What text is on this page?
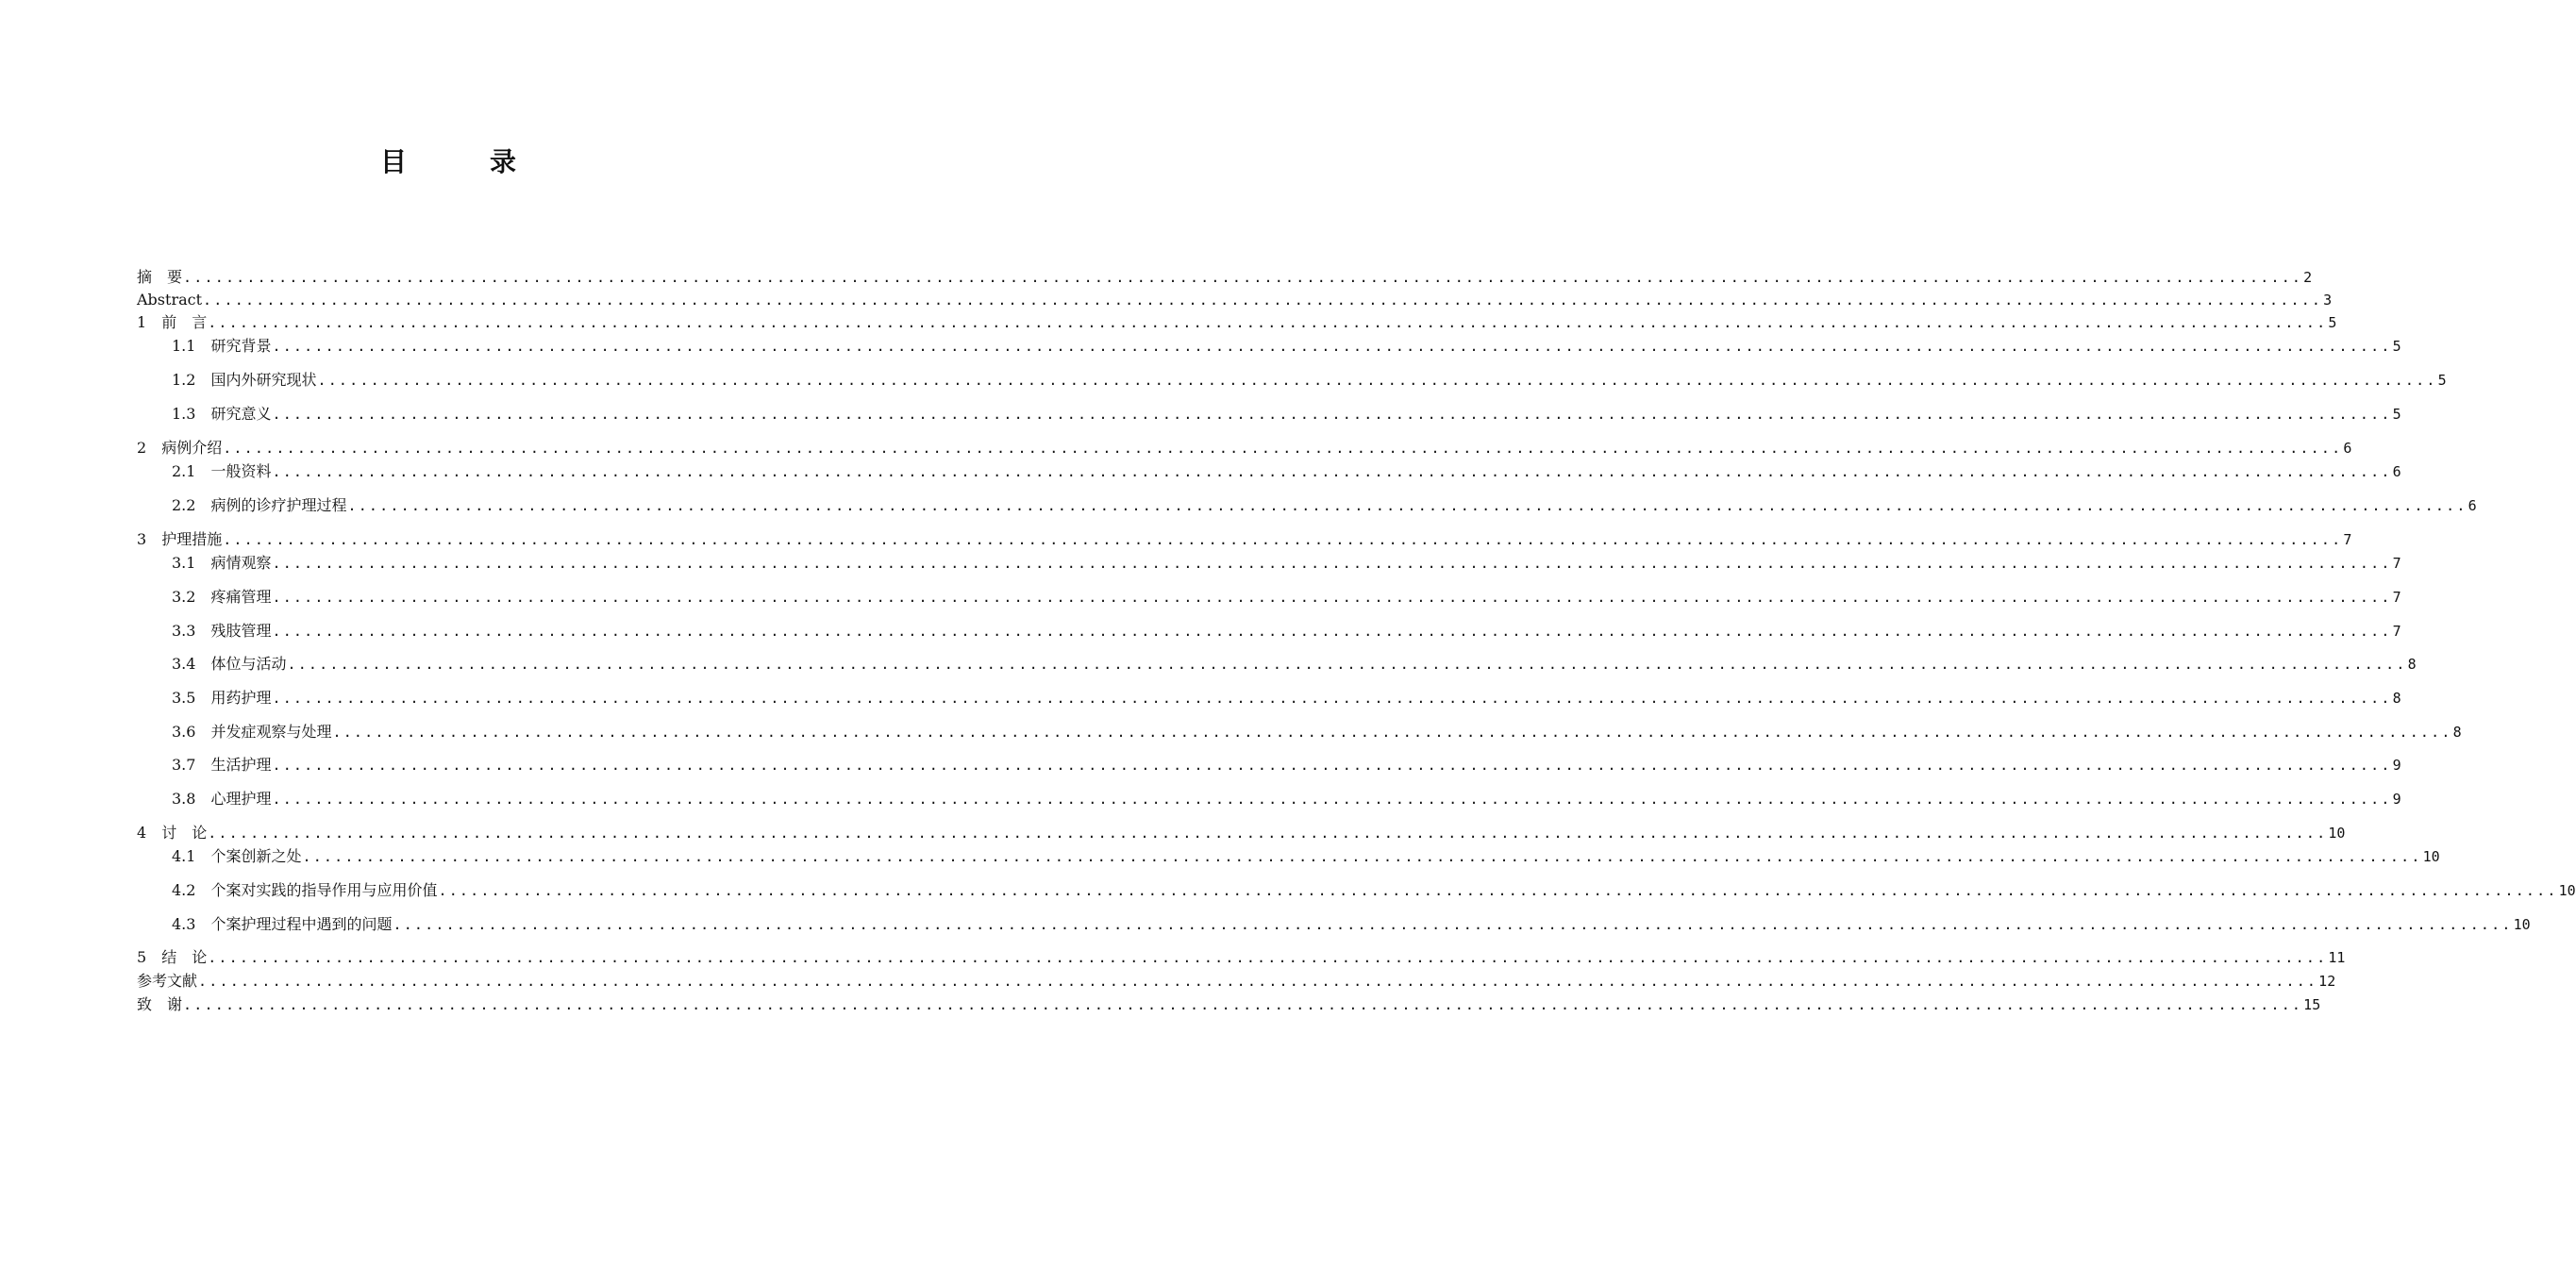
目　录
摘　要 ........................................................................................................................................................................................................ 2
Abstract ........................................................................................................................................................................................................ 3
1　 前　言 ........................................................................................................................................................................................................ 5
1.1　 研究背景 ........................................................................................................................................................................................................ 5
1.2　 国内外研究现状 ........................................................................................................................................................................................................ 5
1.3　 研究意义 ........................................................................................................................................................................................................ 5
2　 病例介绍 ........................................................................................................................................................................................................ 6
2.1　 一般资料 ........................................................................................................................................................................................................ 6
2.2　 病例的诊疗护理过程 ........................................................................................................................................................................................................ 6
3　 护理措施 ........................................................................................................................................................................................................ 7
3.1　 病情观察 ........................................................................................................................................................................................................ 7
3.2　 疼痛管理 ........................................................................................................................................................................................................ 7
3.3　 残肢管理 ........................................................................................................................................................................................................ 7
3.4　 体位与活动 ........................................................................................................................................................................................................ 8
3.5　 用药护理 ........................................................................................................................................................................................................ 8
3.6　 并发症观察与处理 ........................................................................................................................................................................................................ 8
3.7　 生活护理 ........................................................................................................................................................................................................ 9
3.8　 心理护理 ........................................................................................................................................................................................................ 9
4　 讨　论 ........................................................................................................................................................................................................ 10
4.1　 个案创新之处 ........................................................................................................................................................................................................ 10
4.2　 个案对实践的指导作用与应用价值 ........................................................................................................................................................................................................ 10
4.3　 个案护理过程中遇到的问题 ........................................................................................................................................................................................................ 10
5　 结　论 ........................................................................................................................................................................................................ 11
参考文献 ........................................................................................................................................................................................................ 12
致　谢 ........................................................................................................................................................................................................ 15
